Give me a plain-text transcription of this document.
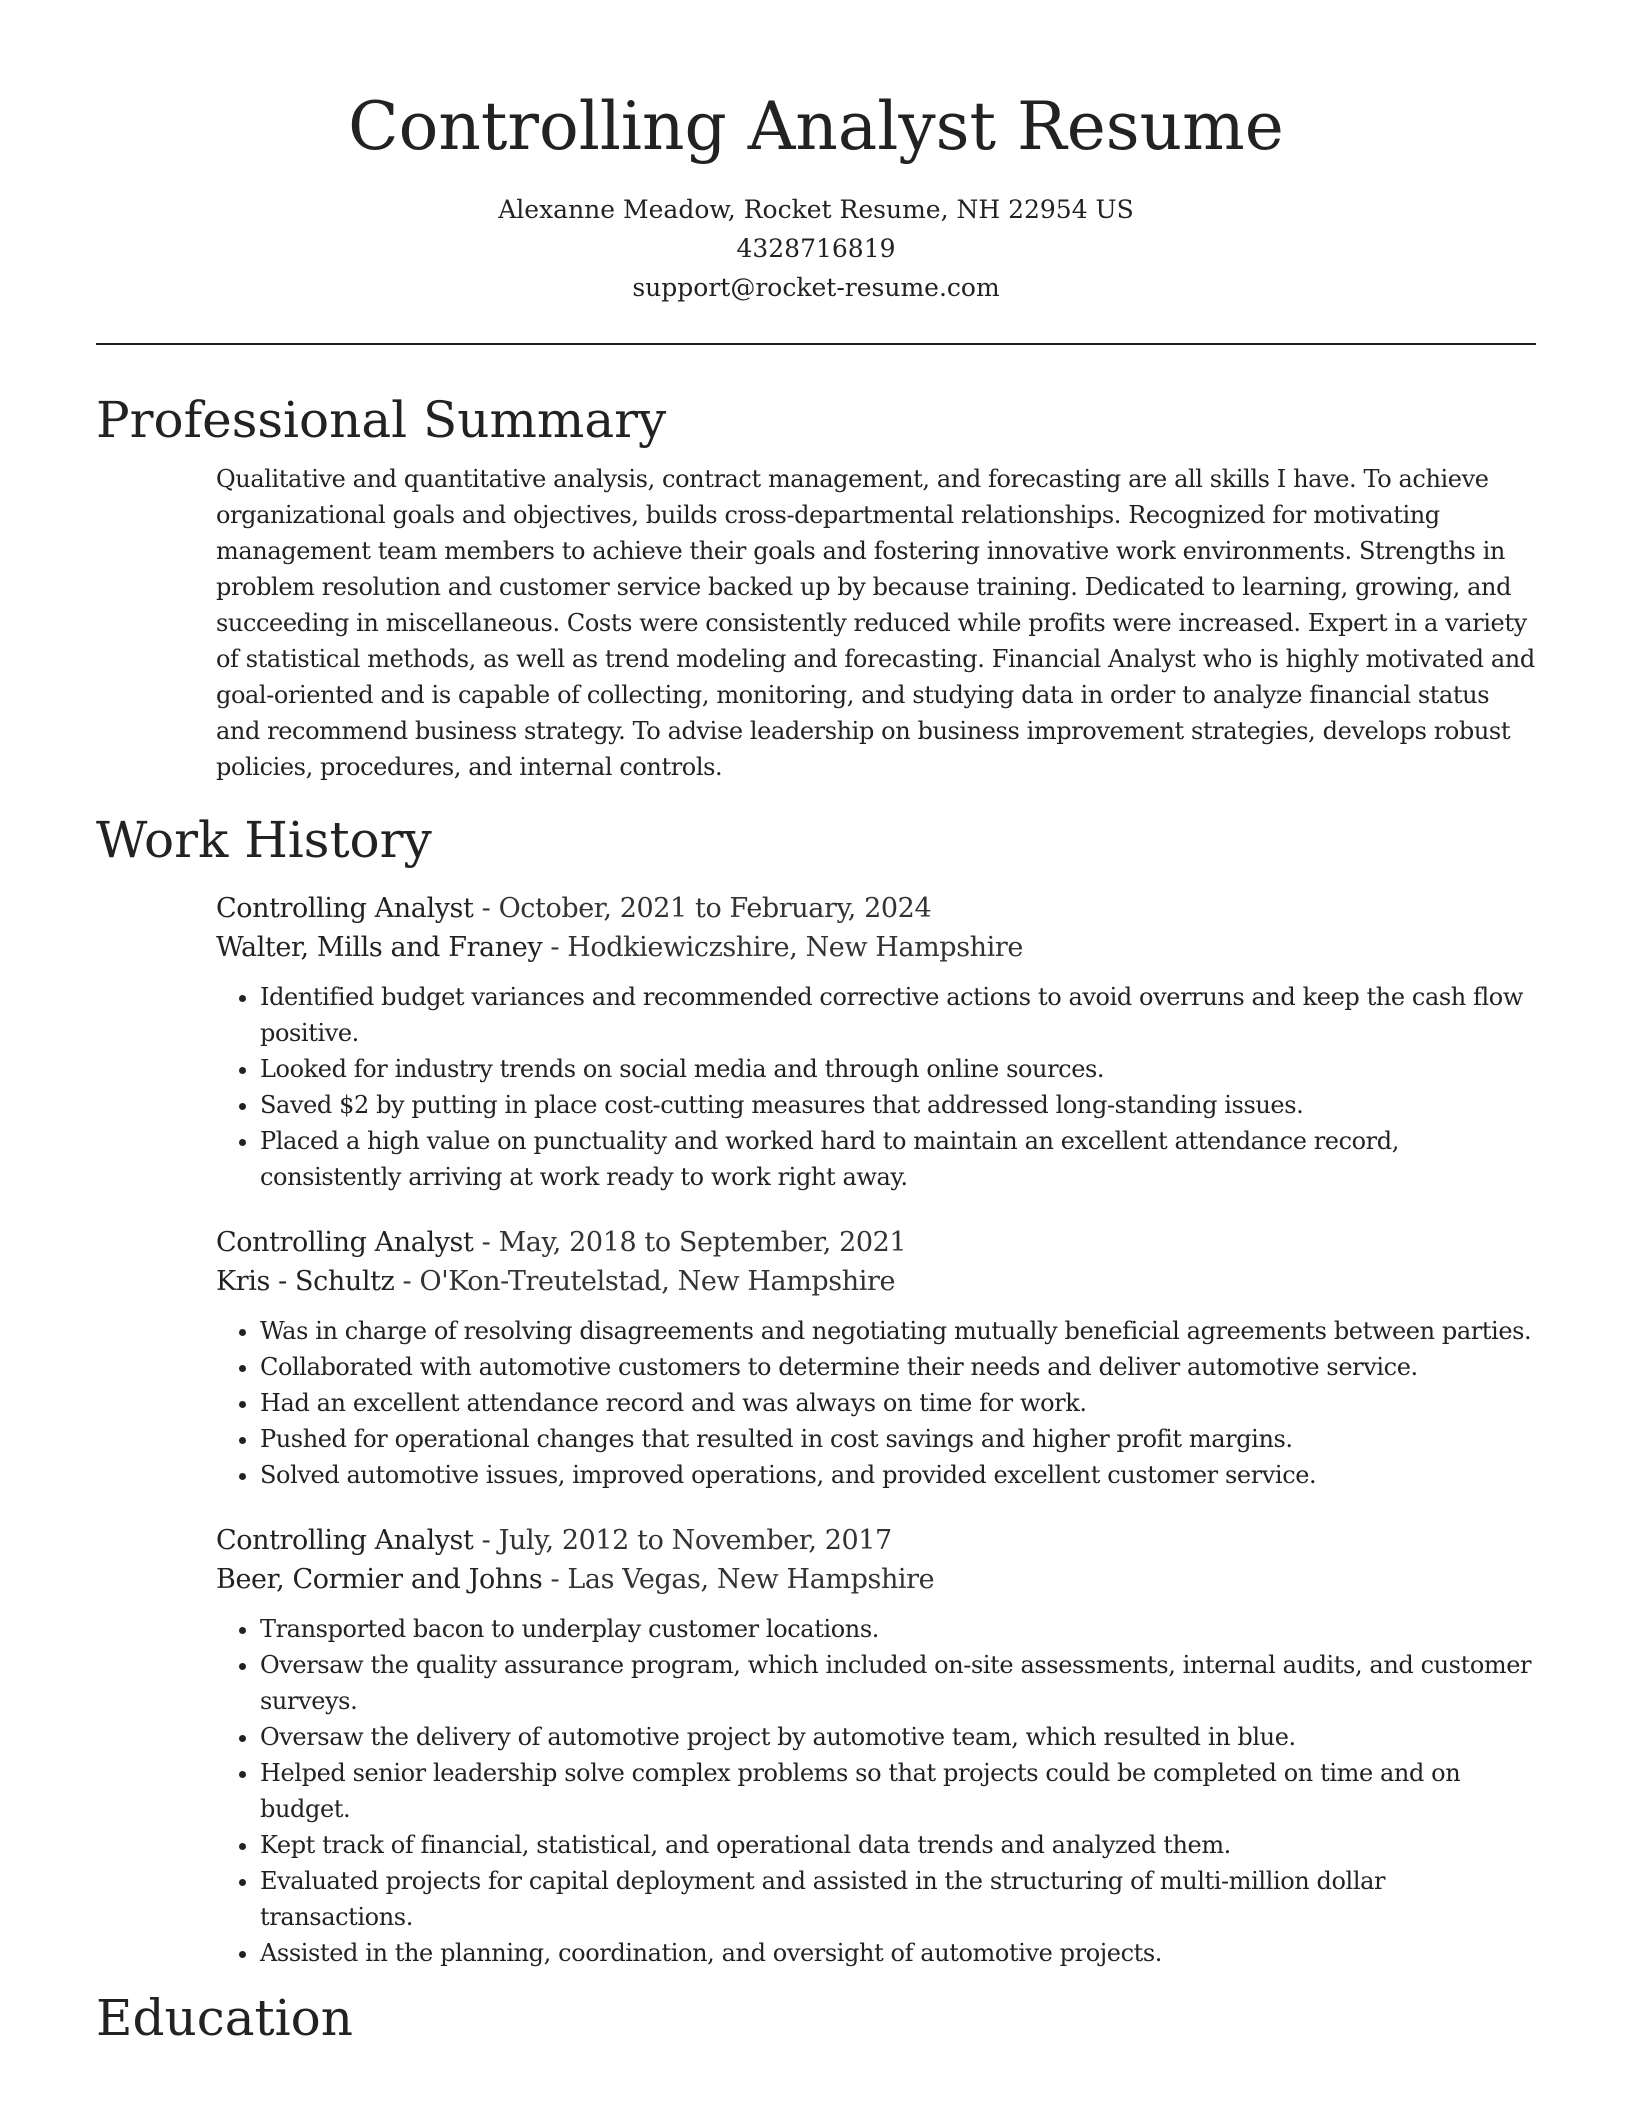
Controlling Analyst Resume
Alexanne Meadow, Rocket Resume, NH 22954 US
4328716819
support@rocket-resume.com
Professional Summary
Qualitative and quantitative analysis, contract management, and forecasting are all skills I have. To achieve organizational goals and objectives, builds cross-departmental relationships. Recognized for motivating management team members to achieve their goals and fostering innovative work environments. Strengths in problem resolution and customer service backed up by because training. Dedicated to learning, growing, and succeeding in miscellaneous. Costs were consistently reduced while profits were increased. Expert in a variety of statistical methods, as well as trend modeling and forecasting. Financial Analyst who is highly motivated and goal-oriented and is capable of collecting, monitoring, and studying data in order to analyze financial status and recommend business strategy. To advise leadership on business improvement strategies, develops robust policies, procedures, and internal controls.
Work History
Controlling Analyst - October, 2021 to February, 2024
Walter, Mills and Franey - Hodkiewiczshire, New Hampshire
• Identified budget variances and recommended corrective actions to avoid overruns and keep the cash flow positive.
• Looked for industry trends on social media and through online sources.
• Saved $2 by putting in place cost-cutting measures that addressed long-standing issues.
• Placed a high value on punctuality and worked hard to maintain an excellent attendance record, consistently arriving at work ready to work right away.
Controlling Analyst - May, 2018 to September, 2021
Kris - Schultz - O'Kon-Treutelstad, New Hampshire
• Was in charge of resolving disagreements and negotiating mutually beneficial agreements between parties.
• Collaborated with automotive customers to determine their needs and deliver automotive service.
• Had an excellent attendance record and was always on time for work.
• Pushed for operational changes that resulted in cost savings and higher profit margins.
• Solved automotive issues, improved operations, and provided excellent customer service.
Controlling Analyst - July, 2012 to November, 2017
Beer, Cormier and Johns - Las Vegas, New Hampshire
• Transported bacon to underplay customer locations.
• Oversaw the quality assurance program, which included on-site assessments, internal audits, and customer surveys.
• Oversaw the delivery of automotive project by automotive team, which resulted in blue.
• Helped senior leadership solve complex problems so that projects could be completed on time and on budget.
• Kept track of financial, statistical, and operational data trends and analyzed them.
• Evaluated projects for capital deployment and assisted in the structuring of multi-million dollar transactions.
• Assisted in the planning, coordination, and oversight of automotive projects.
Education
